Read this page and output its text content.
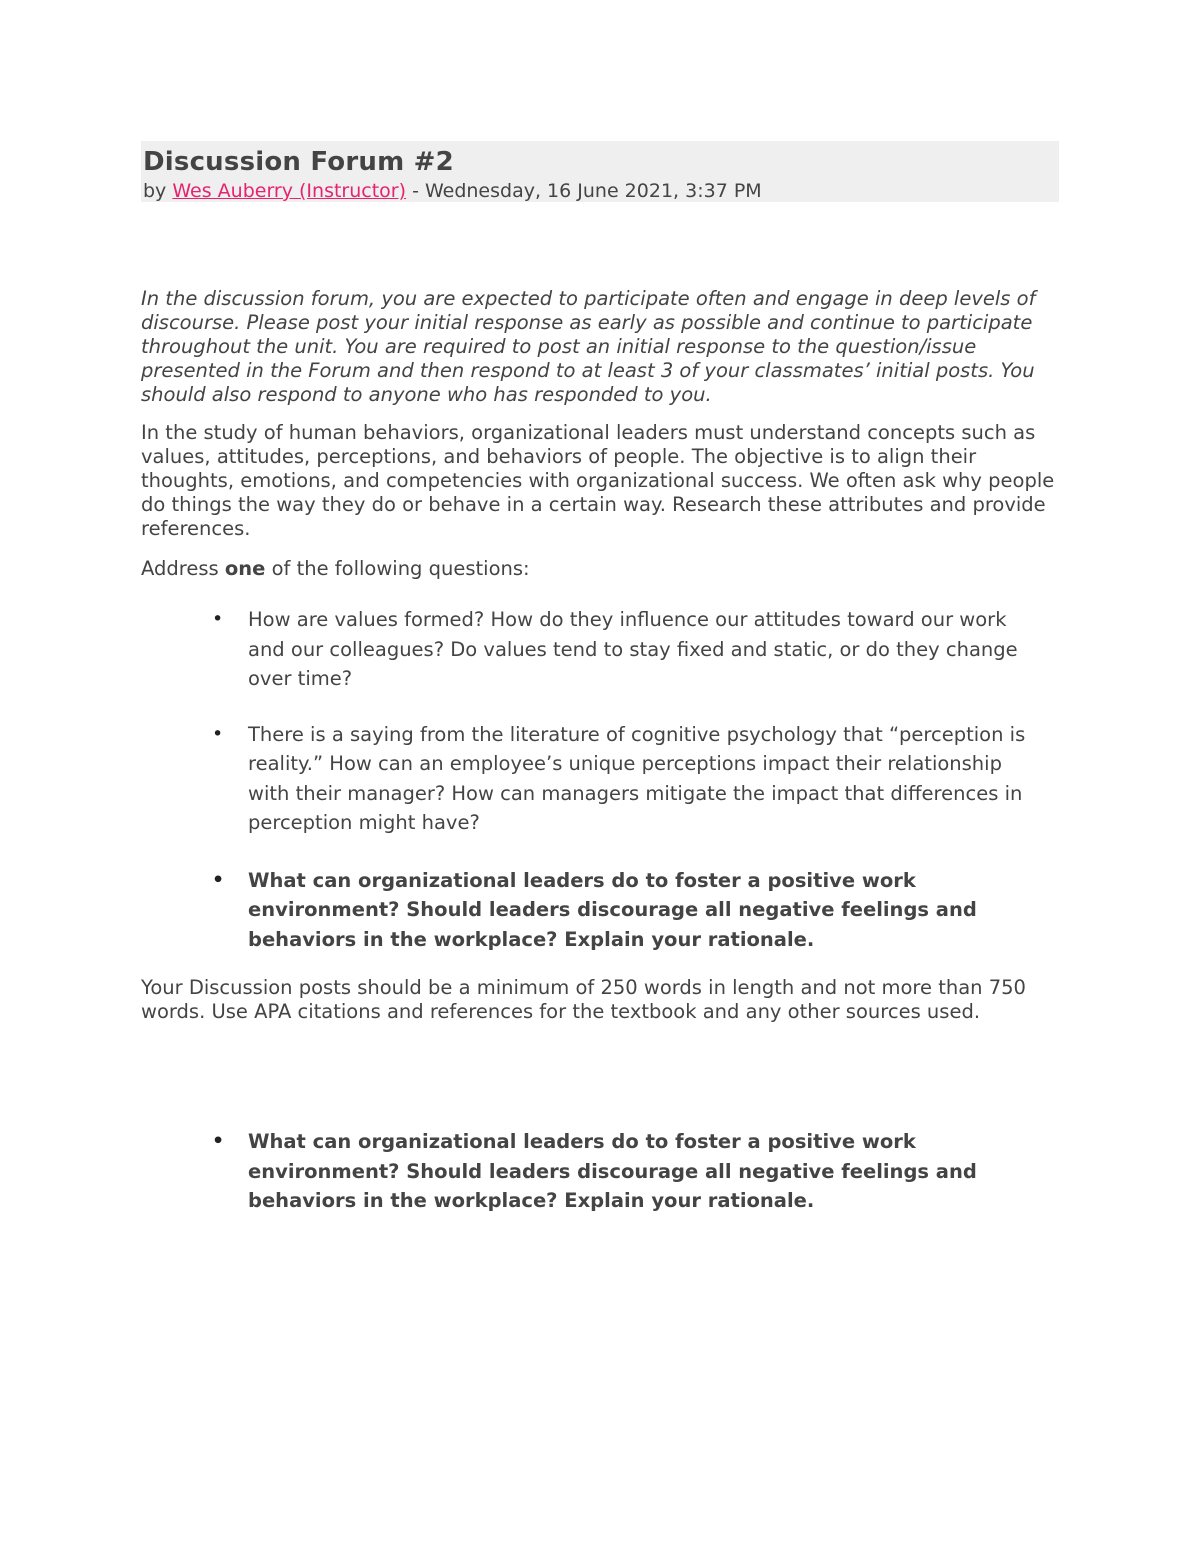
Discussion Forum #2
by Wes Auberry (Instructor) - Wednesday, 16 June 2021, 3:37 PM
In the discussion forum, you are expected to participate often and engage in deep levels of discourse. Please post your initial response as early as possible and continue to participate throughout the unit. You are required to post an initial response to the question/issue presented in the Forum and then respond to at least 3 of your classmates’ initial posts. You should also respond to anyone who has responded to you.
In the study of human behaviors, organizational leaders must understand concepts such as values, attitudes, perceptions, and behaviors of people. The objective is to align their thoughts, emotions, and competencies with organizational success. We often ask why people do things the way they do or behave in a certain way. Research these attributes and provide references.
Address one of the following questions:
• How are values formed? How do they influence our attitudes toward our work and our colleagues? Do values tend to stay fixed and static, or do they change over time?
• There is a saying from the literature of cognitive psychology that “perception is reality.” How can an employee’s unique perceptions impact their relationship with their manager? How can managers mitigate the impact that differences in perception might have?
• What can organizational leaders do to foster a positive work environment? Should leaders discourage all negative feelings and behaviors in the workplace? Explain your rationale.
Your Discussion posts should be a minimum of 250 words in length and not more than 750 words. Use APA citations and references for the textbook and any other sources used.
• What can organizational leaders do to foster a positive work environment? Should leaders discourage all negative feelings and behaviors in the workplace? Explain your rationale.
